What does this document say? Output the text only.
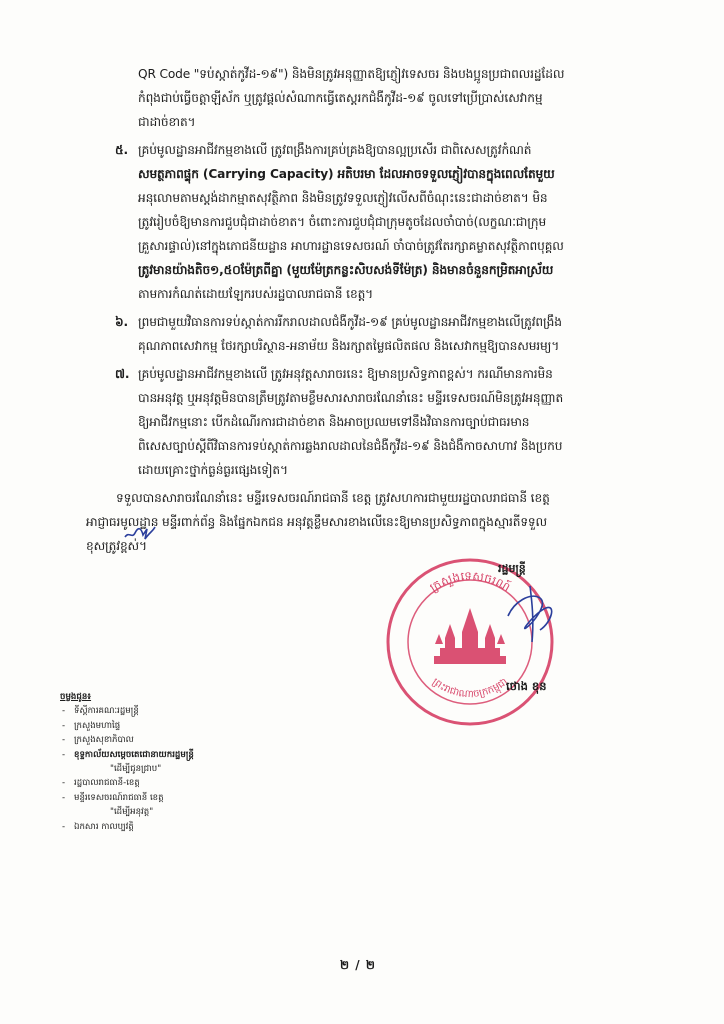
QR Code "ទប់ស្កាត់កូវីដ-១៩") និងមិនត្រូវអនុញ្ញាតឱ្យភ្ញៀវទេសចរ និងបងប្អូនប្រជាពលរដ្ឋដែល
កំពុងជាប់ធ្វើចត្តាឡីស័ក ឬត្រូវផ្តល់សំណាកធ្វើតេស្តរកជំងឺកូវីដ-១៩ ចូលទៅប្រើប្រាស់សេវាកម្ម
ជាដាច់ខាត។
៥. គ្រប់មូលដ្ឋានអាជីវកម្មខាងលើ ត្រូវពង្រឹងការគ្រប់គ្រងឱ្យបានល្អប្រសើរ ជាពិសេសត្រូវកំណត់
សមត្ថភាពផ្ទុក (Carrying Capacity) អតិបរមា ដែលអាចទទួលភ្ញៀវបានក្នុងពេលតែមួយ
អនុលោមតាមស្តង់ដាកម្មាតសុវត្ថិភាព និងមិនត្រូវទទួលភ្ញៀវលើសពីចំណុះនេះជាដាច់ខាត។ មិន
ត្រូវរៀបចំឱ្យមានការជួបជុំជាដាច់ខាត។ ចំពោះការជួបជុំជាក្រុមតូចដែលចាំបាច់(លក្ខណៈជាក្រុម
គ្រួសារផ្ទាល់)នៅក្នុងភោជនីយដ្ឋាន អាហារដ្ឋានទេសចរណ៍ ចាំបាច់ត្រូវតែរក្សាគម្លាតសុវត្ថិភាពបុគ្គល
ត្រូវមានយ៉ាងតិច១,៥០ម៉ែត្រពីគ្នា (មួយម៉ែត្រកន្លះសិបសង់ទីម៉ែត្រ) និងមានចំនួនកម្រិតអាស្រ័យ
តាមការកំណត់ដោយឡែករបស់រដ្ឋបាលរាជធានី ខេត្ត។
៦. ព្រមជាមួយវិធានការទប់ស្កាត់ការរីករាលដាលជំងឺកូវីដ-១៩ គ្រប់មូលដ្ឋានអាជីវកម្មខាងលើត្រូវពង្រឹង
គុណភាពសេវាកម្ម ថែរក្សាបរិស្ថាន-អនាម័យ និងរក្សាតម្លៃផលិតផល និងសេវាកម្មឱ្យបានសមរម្យ។
៧. គ្រប់មូលដ្ឋានអាជីវកម្មខាងលើ ត្រូវអនុវត្តសារាចរនេះ ឱ្យមានប្រសិទ្ធភាពខ្ពស់។ ករណីមានការមិន
បានអនុវត្ត ឬអនុវត្តមិនបានត្រឹមត្រូវតាមខ្លឹមសារសារាចរណែនាំនេះ មន្ទីរទេសចរណ៍មិនត្រូវអនុញ្ញាត
ឱ្យអាជីវកម្មនោះ បើកដំណើរការជាដាច់ខាត និងអាចប្រឈមទៅនឹងវិធានការច្បាប់ជាធរមាន
ពិសេសច្បាប់ស្តីពីវិធានការទប់ស្កាត់ការឆ្លងរាលដាលនៃជំងឺកូវីដ-១៩ និងជំងឺកាចសាហាវ និងប្រកប
ដោយគ្រោះថ្នាក់ធ្ងន់ធ្ងរផ្សេងទៀត។
ទទួលបានសារាចរណែនាំនេះ មន្ទីរទេសចរណ៍រាជធានី ខេត្ត ត្រូវសហការជាមួយរដ្ឋបាលរាជធានី ខេត្ត
អាជ្ញាធរមូលដ្ឋាន មន្ទីរពាក់ព័ន្ធ និងផ្នែកឯកជន អនុវត្តខ្លឹមសារខាងលើនេះឱ្យមានប្រសិទ្ធភាពក្នុងស្មារតីទទួល
ខុសត្រូវខ្ពស់។
ក្រសួងទេសចរណ៍
ព្រះរាជាណាចក្រកម្ពុជា
រដ្ឋមន្ត្រី
ថោង ខុន
ចម្លងជូន៖
- ទីស្តីការគណៈរដ្ឋមន្ត្រី
- ក្រសួងមហាផ្ទៃ
- ក្រសួងសុខាភិបាល
- ខុទ្ទកាល័យសម្តេចតេជោនាយករដ្ឋមន្ត្រី
"ដើម្បីជូនជ្រាប"
- រដ្ឋបាលរាជធានី-ខេត្ត
- មន្ទីរទេសចរណ៍រាជធានី ខេត្ត
"ដើម្បីអនុវត្ត"
- ឯកសារ កាលប្បវត្តិ
២ / ២
